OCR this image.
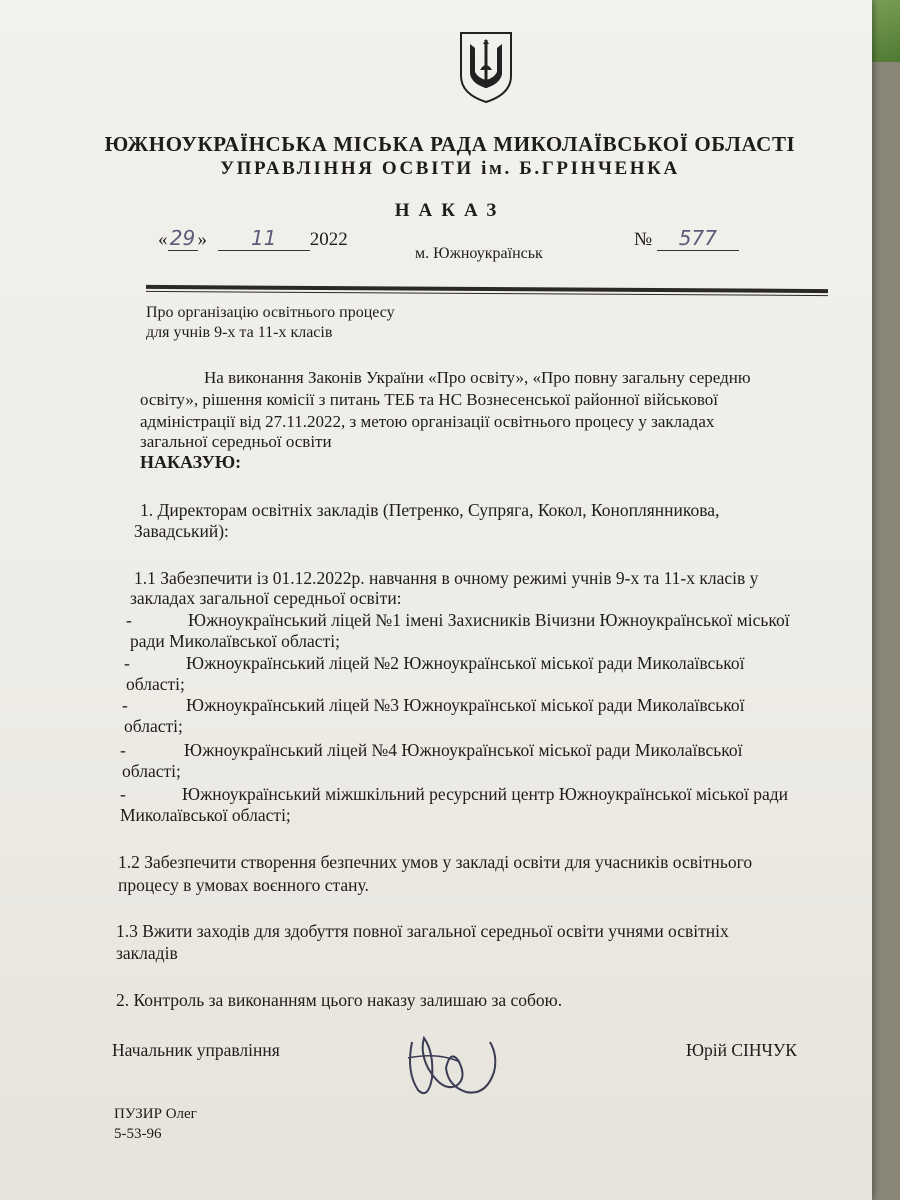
ЮЖНОУКРАЇНСЬКА МІСЬКА РАДА МИКОЛАЇВСЬКОЇ ОБЛАСТІ
УПРАВЛІННЯ ОСВІТИ ім. Б.ГРІНЧЕНКА
НАКАЗ
« 29 » 11 2022	№ 577
м. Южноукраїнськ
Про організацію освітнього процесу
для учнів 9-х та 11-х класів
На виконання Законів України «Про освіту», «Про повну загальну середню
освіту», рішення комісії з питань ТЕБ та НС Вознесенської районної військової
адміністрації від 27.11.2022, з метою організації освітнього процесу у закладах
загальної середньої освіти
НАКАЗУЮ:
1. Директорам освітніх закладів (Петренко, Супряга, Кокол, Коноплянникова,
Завадський):
1.1 Забезпечити із 01.12.2022р. навчання в очному режимі учнів 9-х та 11-х класів у
закладах загальної середньої освіти:
-	Южноукраїнський ліцей №1 імені Захисників Вічизни Южноукраїнської міської
ради Миколаївської області;
-	Южноукраїнський ліцей №2 Южноукраїнської міської ради Миколаївської
області;
-	Южноукраїнський ліцей №3 Южноукраїнської міської ради Миколаївської
області;
-	Южноукраїнський ліцей №4 Южноукраїнської міської ради Миколаївської
області;
-	Южноукраїнський міжшкільний ресурсний центр Южноукраїнської міської ради
Миколаївської області;
1.2 Забезпечити створення безпечних умов у закладі освіти для учасників освітнього
процесу в умовах воєнного стану.
1.3 Вжити заходів для здобуття повної загальної середньої освіти учнями освітніх
закладів
2. Контроль за виконанням цього наказу залишаю за собою.
Начальник управління	Юрій СІНЧУК
ПУЗИР Олег
5-53-96
